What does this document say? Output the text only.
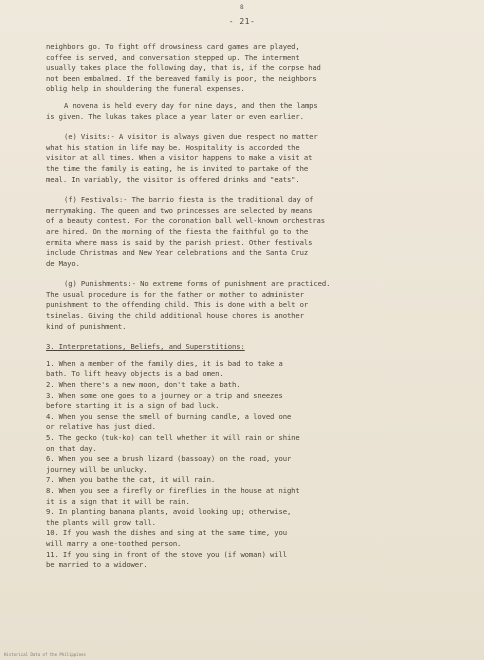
8
- 21-
neighbors go. To fight off drowsiness card games are played,
coffee is served, and conversation stepped up. The interment
usually takes place the following day, that is, if the corpse had
not been embalmed. If the bereaved family is poor, the neighbors
oblig help in shouldering the funeral expenses.
A novena is held every day for nine days, and then the lamps
is given. The lukas takes place a year later or even earlier.
(e) Visits:- A visitor is always given due respect no matter
what his station in life may be. Hospitality is accorded the
visitor at all times. When a visitor happens to make a visit at
the time the family is eating, he is invited to partake of the
meal. In variably, the visitor is offered drinks and "eats".
(f) Festivals:- The barrio fiesta is the traditional day of
merrymaking. The queen and two princesses are selected by means
of a beauty contest. For the coronation ball well-known orchestras
are hired. On the morning of the fiesta the faithful go to the
ermita where mass is said by the parish priest. Other festivals
include Christmas and New Year celebrations and the Santa Cruz
de Mayo.
(g) Punishments:- No extreme forms of punishment are practiced.
The usual procedure is for the father or mother to administer
punishment to the offending child. This is done with a belt or
tsinelas. Giving the child additional house chores is another
kind of punishment.
3. Interpretations, Beliefs, and Superstitions:
1. When a member of the family dies, it is bad to take a
bath. To lift heavy objects is a bad omen.
2. When there's a new moon, don't take a bath.
3. When some one goes to a journey or a trip and sneezes
before starting it is a sign of bad luck.
4. When you sense the smell of burning candle, a loved one
or relative has just died.
5. The gecko (tuk-ko) can tell whether it will rain or shine
on that day.
6. When you see a brush lizard (bassoay) on the road, your
journey will be unlucky.
7. When you bathe the cat, it will rain.
8. When you see a firefly or fireflies in the house at night
it is a sign that it will be rain.
9. In planting banana plants, avoid looking up; otherwise,
the plants will grow tall.
10. If you wash the dishes and sing at the same time, you
will marry a one-toothed person.
11. If you sing in front of the stove you (if woman) will
be married to a widower.
Historical Data of the Philippines
